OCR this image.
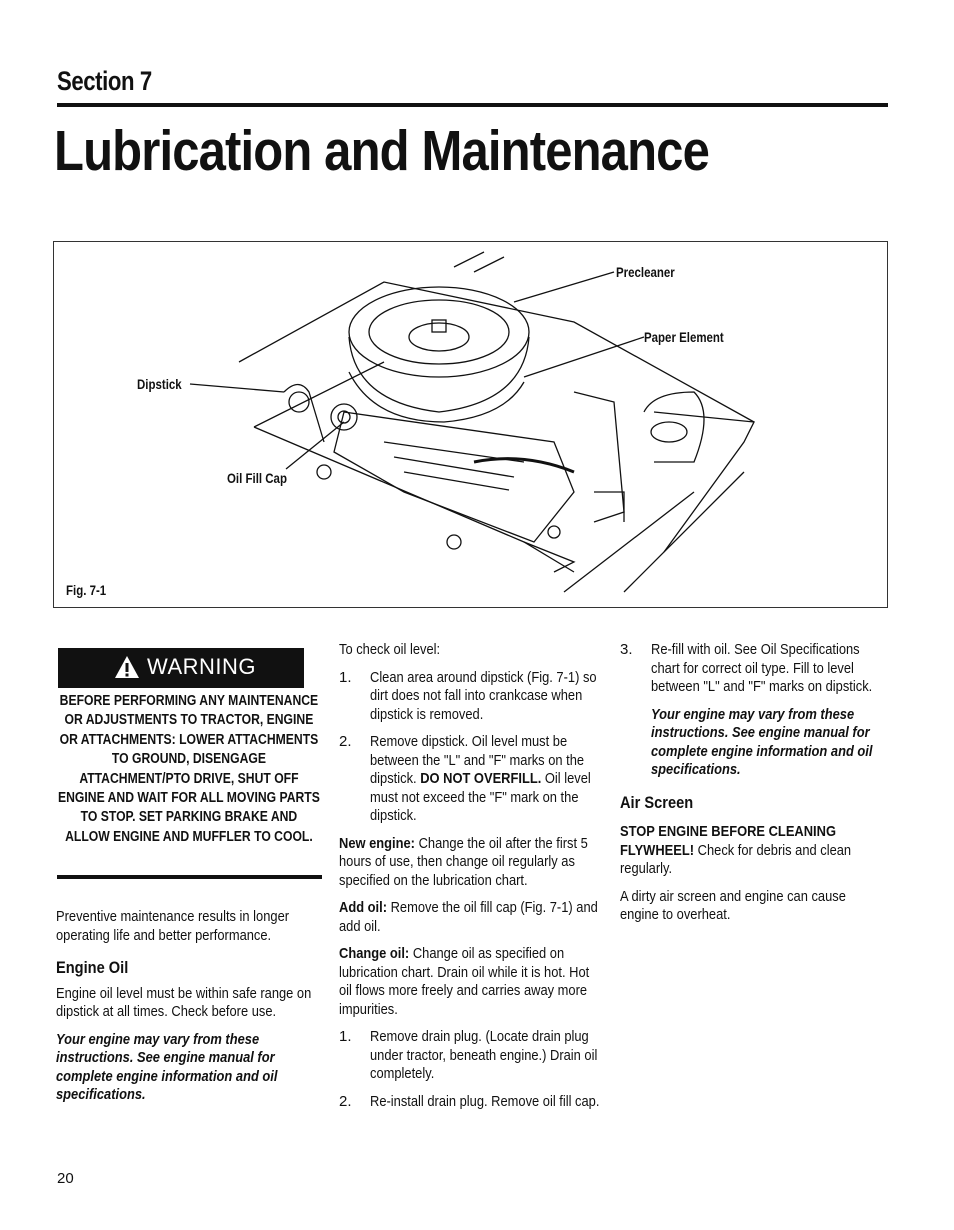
Section 7
Lubrication and Maintenance
Precleaner
Paper Element
Dipstick
Oil Fill Cap
Fig. 7-1
WARNING
BEFORE PERFORMING ANY MAINTENANCE OR ADJUSTMENTS TO TRACTOR, ENGINE OR ATTACHMENTS: LOWER ATTACHMENTS TO GROUND, DISENGAGE ATTACHMENT/PTO DRIVE, SHUT OFF ENGINE AND WAIT FOR ALL MOVING PARTS TO STOP. SET PARKING BRAKE AND ALLOW ENGINE AND MUFFLER TO COOL.

Preventive maintenance results in longer operating life and better performance.

Engine Oil

Engine oil level must be within safe range on dipstick at all times. Check before use.

Your engine may vary from these instructions. See engine manual for complete engine information and oil specifications.

To check oil level:

1. Clean area around dipstick (Fig. 7-1) so dirt does not fall into crankcase when dipstick is removed.
2. Remove dipstick. Oil level must be between the "L" and "F" marks on the dipstick. DO NOT OVERFILL. Oil level must not exceed the "F" mark on the dipstick.

New engine: Change the oil after the first 5 hours of use, then change oil regularly as specified on the lubrication chart.

Add oil: Remove the oil fill cap (Fig. 7-1) and add oil.

Change oil: Change oil as specified on lubrication chart. Drain oil while it is hot. Hot oil flows more freely and carries away more impurities.

1. Remove drain plug. (Locate drain plug under tractor, beneath engine.) Drain oil completely.
2. Re-install drain plug. Remove oil fill cap.
3. Re-fill with oil. See Oil Specifications chart for correct oil type. Fill to level between "L" and "F" marks on dipstick.

Your engine may vary from these instructions. See engine manual for complete engine information and oil specifications.

Air Screen

STOP ENGINE BEFORE CLEANING FLYWHEEL! Check for debris and clean regularly.

A dirty air screen and engine can cause engine to overheat.

20
